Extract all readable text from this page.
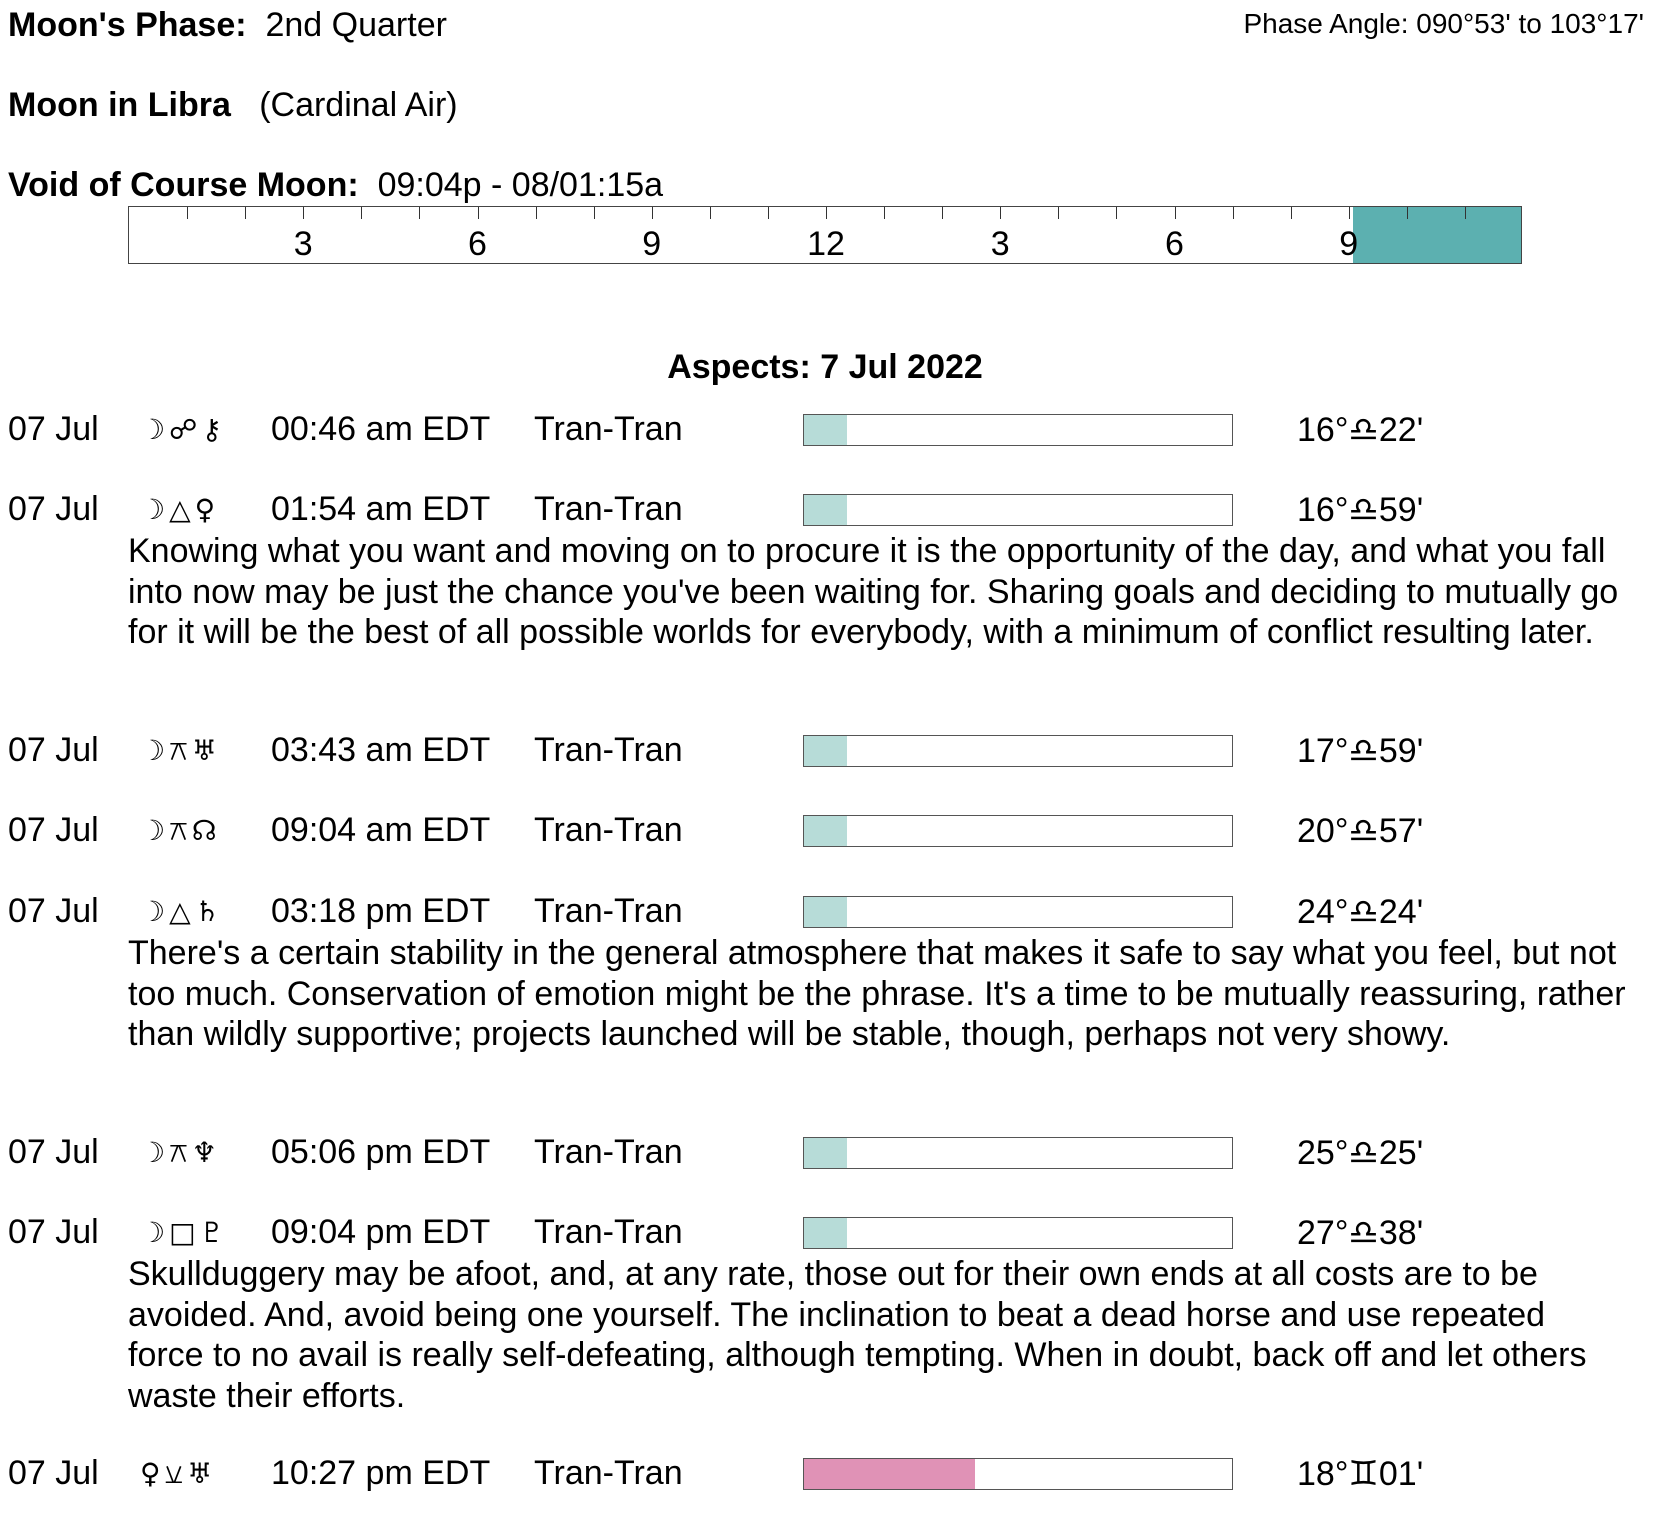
Moon's Phase: 2nd Quarter	Phase Angle: 090°53' to 103°17'
Moon in Libra (Cardinal Air)
Void of Course Moon: 09:04p - 08/01:15a
3	6	9	12	3	6	9
Aspects: 7 Jul 2022
07 Jul ☽☍⚷	00:46 am EDT Tran-Tran	16°♎22'
07 Jul ☽△♀	01:54 am EDT Tran-Tran	16°♎59'
Knowing what you want and moving on to procure it is the opportunity of the day, and what you fall into now may be just the chance you've been waiting for. Sharing goals and deciding to mutually go for it will be the best of all possible worlds for everybody, with a minimum of conflict resulting later.
07 Jul ☽⚻♅	03:43 am EDT Tran-Tran	17°♎59'
07 Jul ☽⚻☊	09:04 am EDT Tran-Tran	20°♎57'
07 Jul ☽△♄	03:18 pm EDT Tran-Tran	24°♎24'
There's a certain stability in the general atmosphere that makes it safe to say what you feel, but not too much. Conservation of emotion might be the phrase. It's a time to be mutually reassuring, rather than wildly supportive; projects launched will be stable, though, perhaps not very showy.
07 Jul ☽⚻♆	05:06 pm EDT Tran-Tran	25°♎25'
07 Jul ☽□♇	09:04 pm EDT Tran-Tran	27°♎38'
Skullduggery may be afoot, and, at any rate, those out for their own ends at all costs are to be avoided. And, avoid being one yourself. The inclination to beat a dead horse and use repeated force to no avail is really self-defeating, although tempting. When in doubt, back off and let others waste their efforts.
07 Jul ♀⚺♅	10:27 pm EDT Tran-Tran	18°♊01'
